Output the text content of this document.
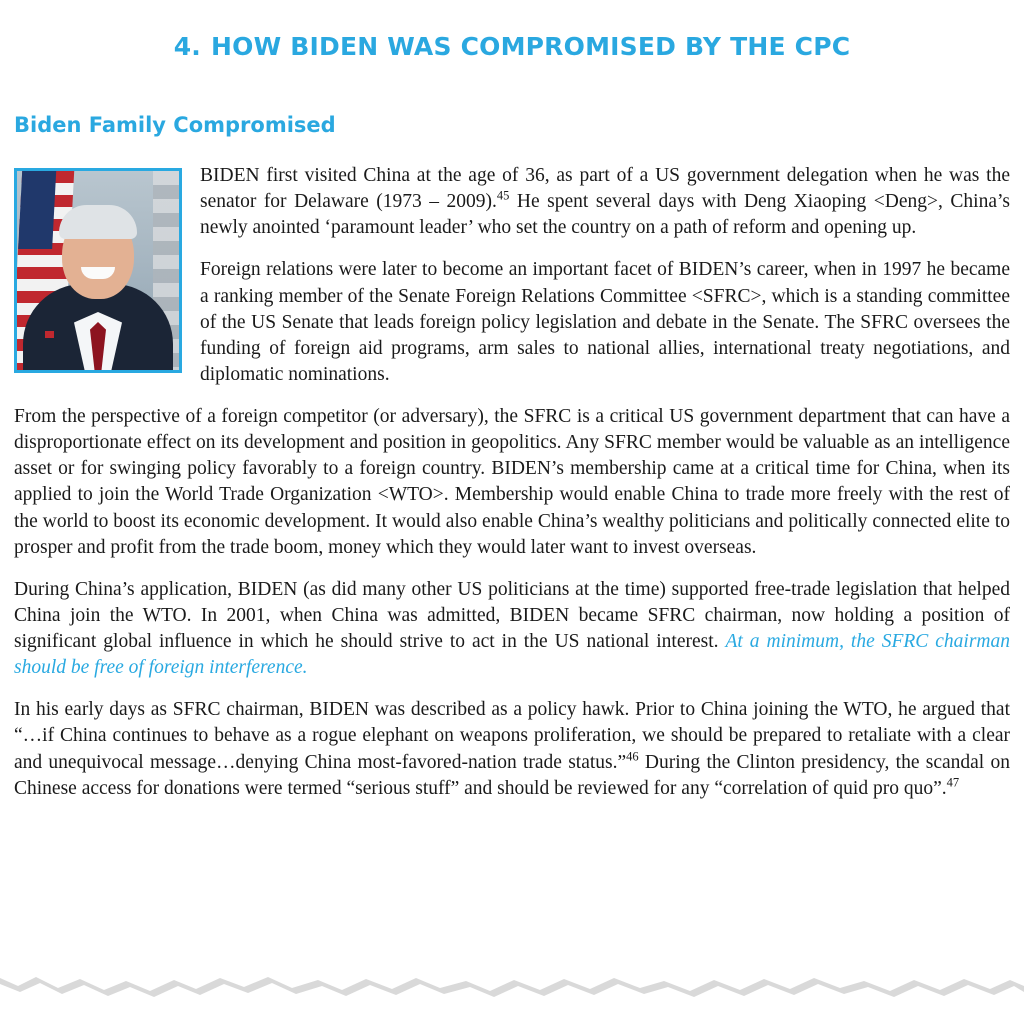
4. HOW BIDEN WAS COMPROMISED BY THE CPC
Biden Family Compromised

BIDEN first visited China at the age of 36, as part of a US government delegation when he was the senator for Delaware (1973 – 2009).$^{45}$ He spent several days with Deng Xiaoping <Deng>, China’s newly anointed ‘paramount leader’ who set the country on a path of reform and opening up.

Foreign relations were later to become an important facet of BIDEN’s career, when in 1997 he became a ranking member of the Senate Foreign Relations Committee <SFRC>, which is a standing committee of the US Senate that leads foreign policy legislation and debate in the Senate. The SFRC oversees the funding of foreign aid programs, arm sales to national allies, international treaty negotiations, and diplomatic nominations.

From the perspective of a foreign competitor (or adversary), the SFRC is a critical US government department that can have a disproportionate effect on its development and position in geopolitics. Any SFRC member would be valuable as an intelligence asset or for swinging policy favorably to a foreign country. BIDEN’s membership came at a critical time for China, when its applied to join the World Trade Organization <WTO>. Membership would enable China to trade more freely with the rest of the world to boost its economic development. It would also enable China’s wealthy politicians and politically connected elite to prosper and profit from the trade boom, money which they would later want to invest overseas.

During China’s application, BIDEN (as did many other US politicians at the time) supported free-trade legislation that helped China join the WTO. In 2001, when China was admitted, BIDEN became SFRC chairman, now holding a position of significant global influence in which he should strive to act in the US national interest. At a minimum, the SFRC chairman should be free of foreign interference.

In his early days as SFRC chairman, BIDEN was described as a policy hawk. Prior to China joining the WTO, he argued that “…if China continues to behave as a rogue elephant on weapons proliferation, we should be prepared to retaliate with a clear and unequivocal message…denying China most-favored-nation trade status.”$^{46}$ During the Clinton presidency, the scandal on Chinese access for donations were termed “serious stuff” and should be reviewed for any “correlation of quid pro quo”.$^{47}$
